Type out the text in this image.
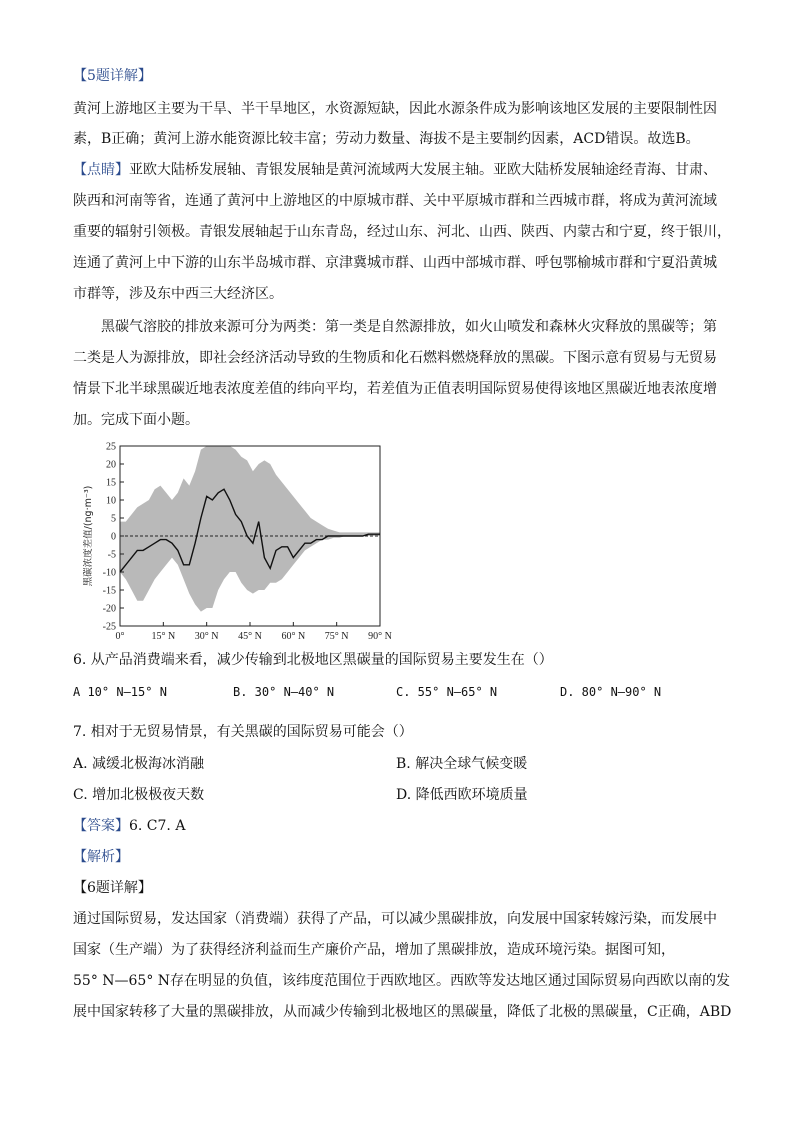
【5题详解】
黄河上游地区主要为干旱、半干旱地区，水资源短缺，因此水源条件成为影响该地区发展的主要限制性因
素，B正确；黄河上游水能资源比较丰富；劳动力数量、海拔不是主要制约因素，ACD错误。故选B。
【点睛】亚欧大陆桥发展轴、青银发展轴是黄河流域两大发展主轴。亚欧大陆桥发展轴途经青海、甘肃、
陕西和河南等省，连通了黄河中上游地区的中原城市群、关中平原城市群和兰西城市群，将成为黄河流域
重要的辐射引领极。青银发展轴起于山东青岛，经过山东、河北、山西、陕西、内蒙古和宁夏，终于银川，
连通了黄河上中下游的山东半岛城市群、京津冀城市群、山西中部城市群、呼包鄂榆城市群和宁夏沿黄城
市群等，涉及东中西三大经济区。
黑碳气溶胶的排放来源可分为两类：第一类是自然源排放，如火山喷发和森林火灾释放的黑碳等；第
二类是人为源排放，即社会经济活动导致的生物质和化石燃料燃烧释放的黑碳。下图示意有贸易与无贸易
情景下北半球黑碳近地表浓度差值的纬向平均，若差值为正值表明国际贸易使得该地区黑碳近地表浓度增
加。完成下面小题。
25
20
15
10
5
0
-5
-10
-15
-20
-25
0°	15° N 30° N 45° N 60° N 75° N 90° N
黑碳浓度差值/(ng·m⁻³)
6. 从产品消费端来看，减少传输到北极地区黑碳量的国际贸易主要发生在（）
A 10° N—15° N	B. 30° N—40° N	C. 55° N—65° N	D. 80° N—90° N
7. 相对于无贸易情景，有关黑碳的国际贸易可能会（）
A. 减缓北极海冰消融	B. 解决全球气候变暖
C. 增加北极极夜天数	D. 降低西欧环境质量
【答案】6. C7. A
【解析】
【6题详解】
通过国际贸易，发达国家（消费端）获得了产品，可以减少黑碳排放，向发展中国家转嫁污染，而发展中
国家（生产端）为了获得经济利益而生产廉价产品，增加了黑碳排放，造成环境污染。据图可知，
55° N—65° N存在明显的负值，该纬度范围位于西欧地区。西欧等发达地区通过国际贸易向西欧以南的发
展中国家转移了大量的黑碳排放，从而减少传输到北极地区的黑碳量，降低了北极的黑碳量，C正确，ABD
